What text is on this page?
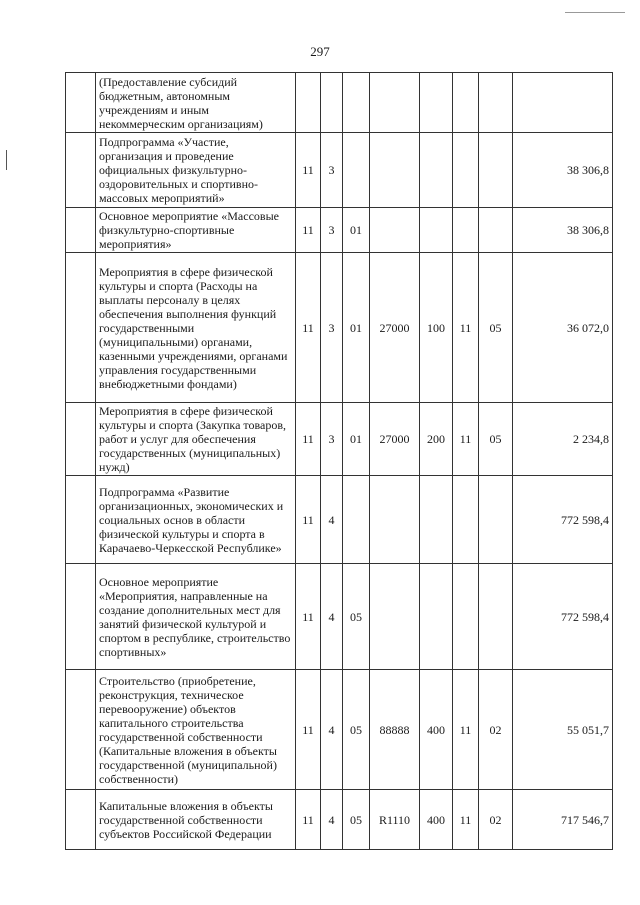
297
	(Предоставление субсидий бюджетным, автономным учреждениям и иным некоммерческим организациям)								
	Подпрограмма «Участие, организация и проведение официальных физкультурно-оздоровительных и спортивно-массовых мероприятий»	11	3						38 306,8
	Основное мероприятие «Массовые физкультурно-спортивные мероприятия»	11	3	01					38 306,8
	Мероприятия в сфере физической культуры и спорта (Расходы на выплаты персоналу в целях обеспечения выполнения функций государственными (муниципальными) органами, казенными учреждениями, органами управления государственными внебюджетными фондами)	11	3	01	27000	100	11	05	36 072,0
	Мероприятия в сфере физической культуры и спорта (Закупка товаров, работ и услуг для обеспечения государственных (муниципальных) нужд)	11	3	01	27000	200	11	05	2 234,8
	Подпрограмма «Развитие организационных, экономических и социальных основ в области физической культуры и спорта в Карачаево-Черкесской Республике»	11	4						772 598,4
	Основное мероприятие «Мероприятия, направленные на создание дополнительных мест для занятий физической культурой и спортом в республике, строительство спортивных»	11	4	05					772 598,4
	Строительство (приобретение, реконструкция, техническое перевооружение) объектов капитального строительства государственной собственности (Капитальные вложения в объекты государственной (муниципальной) собственности)	11	4	05	88888	400	11	02	55 051,7
	Капитальные вложения в объекты государственной собственности субъектов Российской Федерации	11	4	05	R1110	400	11	02	717 546,7
